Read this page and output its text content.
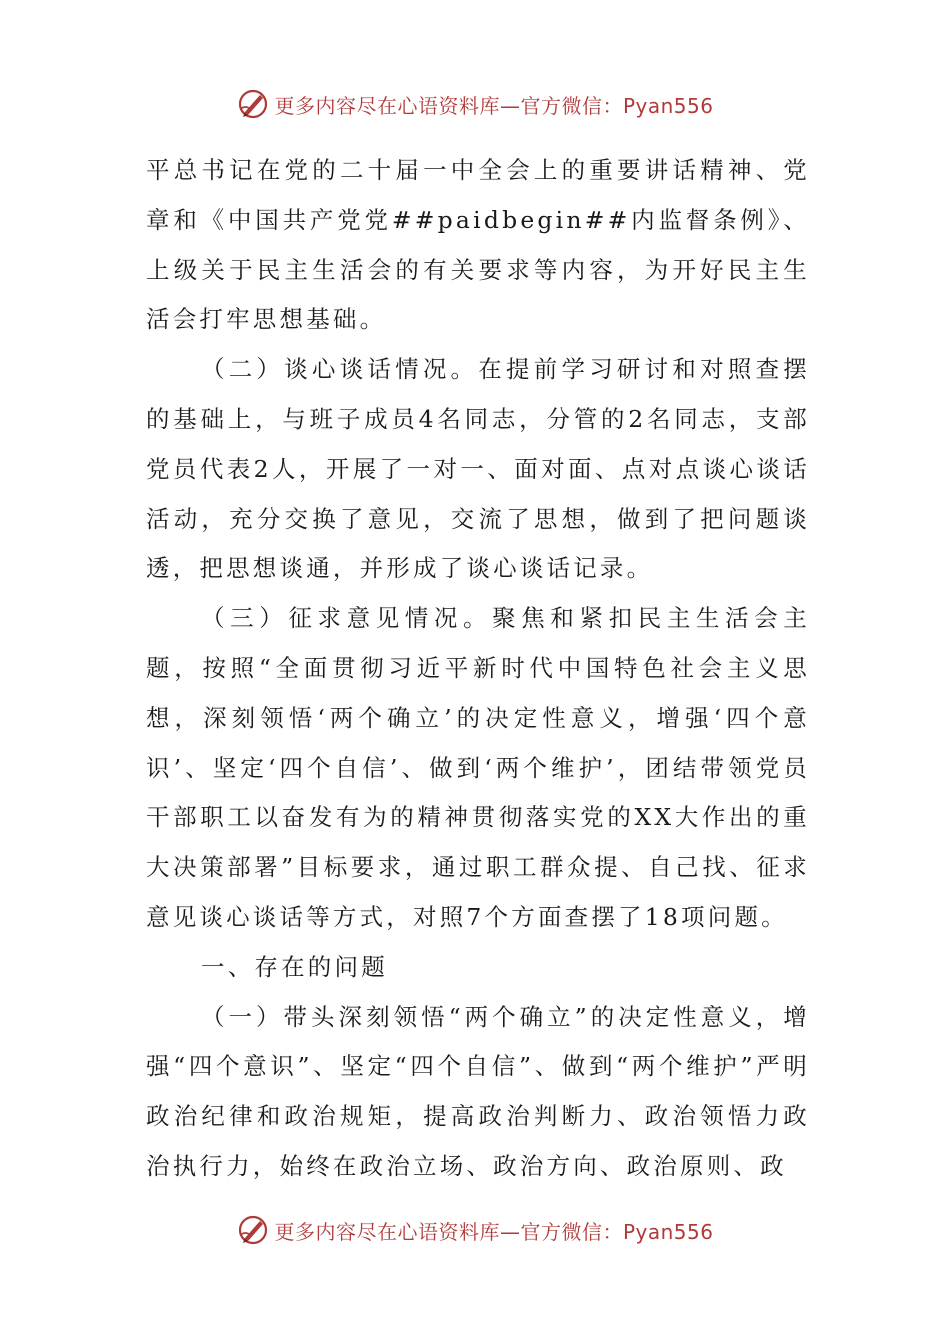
更多内容尽在心语资料库—官方微信：Pyan556

平总书记在党的二十届一中全会上的重要讲话精神、党章和《中国共产党党##paidbegin##内监督条例》、上级关于民主生活会的有关要求等内容，为开好民主生活会打牢思想基础。

（二）谈心谈话情况。在提前学习研讨和对照查摆的基础上，与班子成员4名同志，分管的2名同志，支部党员代表2人，开展了一对一、面对面、点对点谈心谈话活动，充分交换了意见，交流了思想，做到了把问题谈透，把思想谈通，并形成了谈心谈话记录。

（三）征求意见情况。聚焦和紧扣民主生活会主题，按照“全面贯彻习近平新时代中国特色社会主义思想，深刻领悟‘两个确立’的决定性意义，增强‘四个意识’、坚定‘四个自信’、做到‘两个维护’，团结带领党员干部职工以奋发有为的精神贯彻落实党的XX大作出的重大决策部署”目标要求，通过职工群众提、自己找、征求意见谈心谈话等方式，对照7个方面查摆了18项问题。

一、存在的问题

（一）带头深刻领悟“两个确立”的决定性意义，增强“四个意识”、坚定“四个自信”、做到“两个维护”严明政治纪律和政治规矩，提高政治判断力、政治领悟力政治执行力，始终在政治立场、政治方向、政治原则、政

更多内容尽在心语资料库—官方微信：Pyan556
